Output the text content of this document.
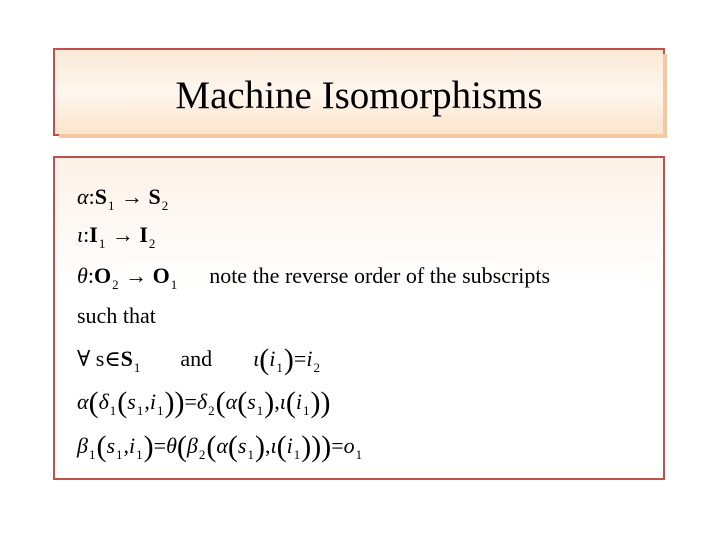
Machine Isomorphisms
$\alpha:S_1 \to S_2$
$\iota:I_1 \to I_2$
$\theta:O_2 \to O_1$ note the reverse order of the subscripts
such that
∀ $s\in S_1$ and $\iota(i_1)=i_2$
$\alpha(\delta_1(s_1,i_1))=\delta_2(\alpha(s_1),\iota(i_1))$
$\beta_1(s_1,i_1)=\theta(\beta_2(\alpha(s_1),\iota(i_1)))=o_1$
